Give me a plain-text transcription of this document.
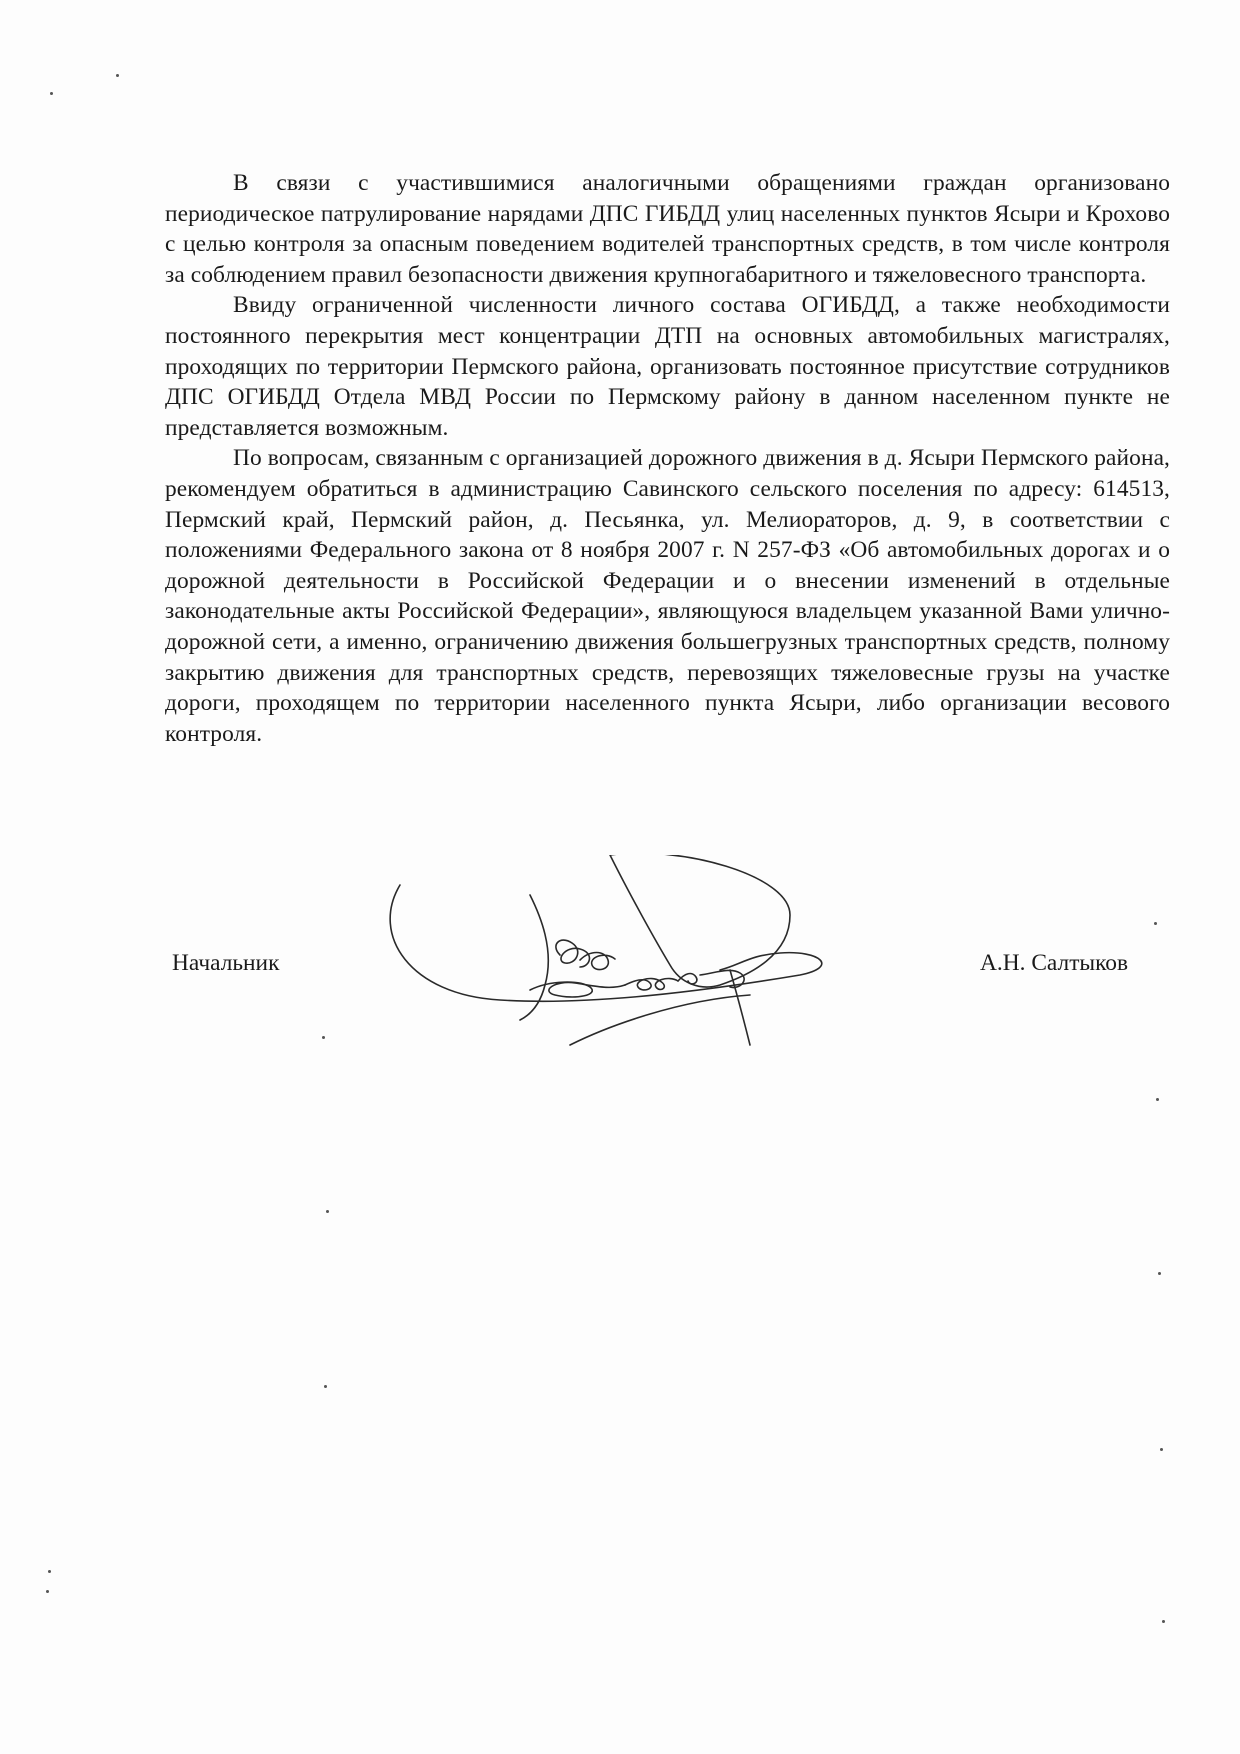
В связи с участившимися аналогичными обращениями граждан организовано периодическое патрулирование нарядами ДПС ГИБДД улиц населенных пунктов Ясыри и Крохово с целью контроля за опасным поведением водителей транспортных средств, в том числе контроля за соблюдением правил безопасности движения крупногабаритного и тяжеловесного транспорта.

Ввиду ограниченной численности личного состава ОГИБДД, а также необходимости постоянного перекрытия мест концентрации ДТП на основных автомобильных магистралях, проходящих по территории Пермского района, организовать постоянное присутствие сотрудников ДПС ОГИБДД Отдела МВД России по Пермскому району в данном населенном пункте не представляется возможным.

По вопросам, связанным с организацией дорожного движения в д. Ясыри Пермского района, рекомендуем обратиться в администрацию Савинского сельского поселения по адресу: 614513, Пермский край, Пермский район, д. Песьянка, ул. Мелиораторов, д. 9, в соответствии с положениями Федерального закона от 8 ноября 2007 г. N 257-ФЗ «Об автомобильных дорогах и о дорожной деятельности в Российской Федерации и о внесении изменений в отдельные законодательные акты Российской Федерации», являющуюся владельцем указанной Вами улично-дорожной сети, а именно, ограничению движения большегрузных транспортных средств, полному закрытию движения для транспортных средств, перевозящих тяжеловесные грузы на участке дороги, проходящем по территории населенного пункта Ясыри, либо организации весового контроля.

Начальник	А.Н. Салтыков
